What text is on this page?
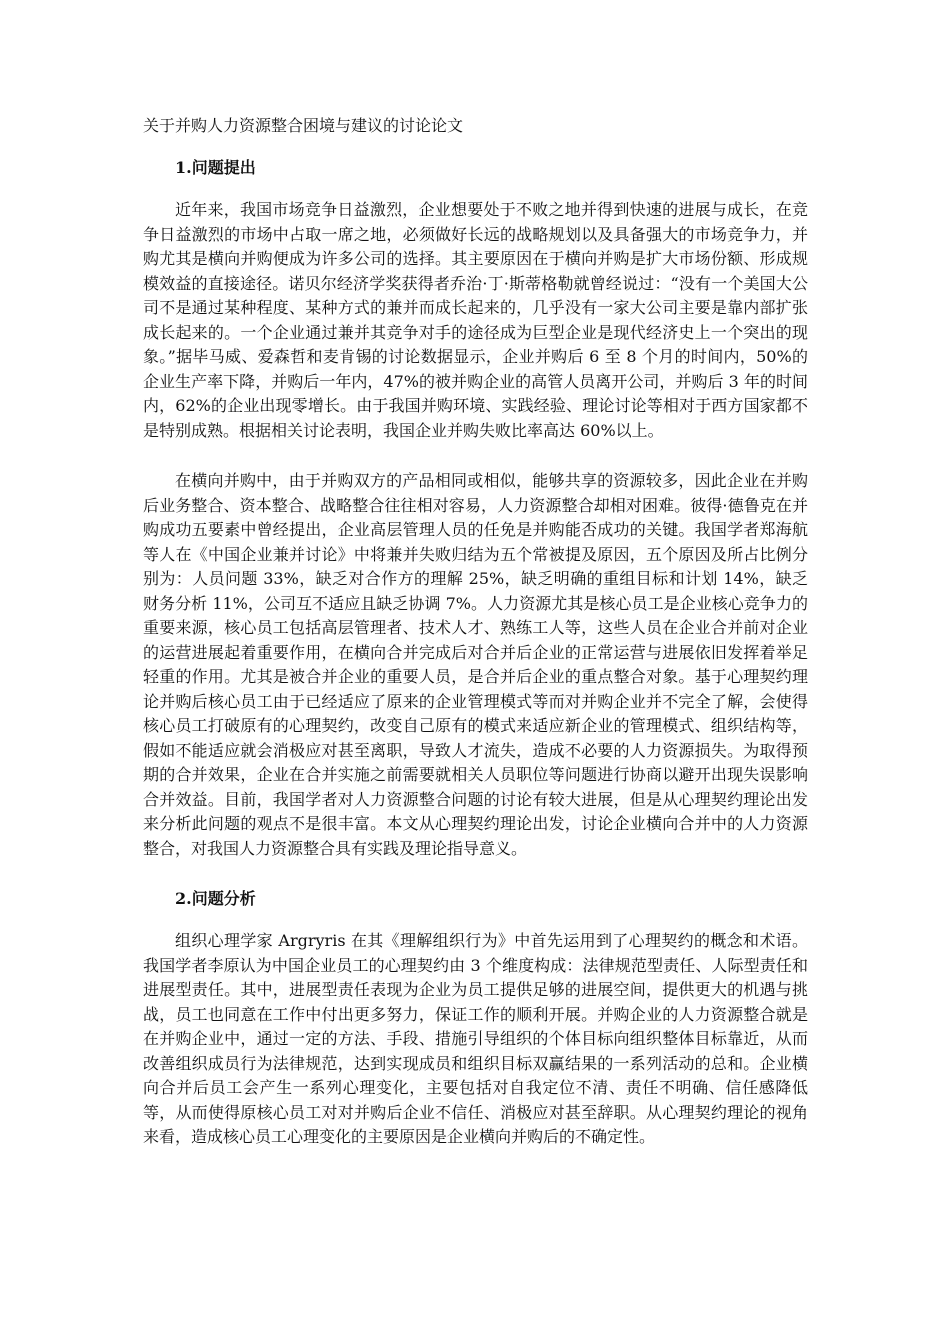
关于并购人力资源整合困境与建议的讨论论文
1.问题提出

近年来，我国市场竞争日益激烈，企业想要处于不败之地并得到快速的进展与成长，在竞争日益激烈的市场中占取一席之地，必须做好长远的战略规划以及具备强大的市场竞争力，并购尤其是横向并购便成为许多公司的选择。其主要原因在于横向并购是扩大市场份额、形成规模效益的直接途径。诺贝尔经济学奖获得者乔治·丁·斯蒂格勒就曾经说过：“没有一个美国大公司不是通过某种程度、某种方式的兼并而成长起来的，几乎没有一家大公司主要是靠内部扩张成长起来的。一个企业通过兼并其竞争对手的途径成为巨型企业是现代经济史上一个突出的现象。”据毕马威、爱森哲和麦肯锡的讨论数据显示，企业并购后 6 至 8 个月的时间内，50%的企业生产率下降，并购后一年内，47%的被并购企业的高管人员离开公司，并购后 3 年的时间内，62%的企业出现零增长。由于我国并购环境、实践经验、理论讨论等相对于西方国家都不是特别成熟。根据相关讨论表明，我国企业并购失败比率高达 60%以上。

在横向并购中，由于并购双方的产品相同或相似，能够共享的资源较多，因此企业在并购后业务整合、资本整合、战略整合往往相对容易，人力资源整合却相对困难。彼得·德鲁克在并购成功五要素中曾经提出，企业高层管理人员的任免是并购能否成功的关键。我国学者郑海航等人在《中国企业兼并讨论》中将兼并失败归结为五个常被提及原因，五个原因及所占比例分别为：人员问题 33%，缺乏对合作方的理解 25%，缺乏明确的重组目标和计划 14%，缺乏财务分析 11%，公司互不适应且缺乏协调 7%。人力资源尤其是核心员工是企业核心竞争力的重要来源，核心员工包括高层管理者、技术人才、熟练工人等，这些人员在企业合并前对企业的运营进展起着重要作用，在横向合并完成后对合并后企业的正常运营与进展依旧发挥着举足轻重的作用。尤其是被合并企业的重要人员，是合并后企业的重点整合对象。基于心理契约理论并购后核心员工由于已经适应了原来的企业管理模式等而对并购企业并不完全了解，会使得核心员工打破原有的心理契约，改变自己原有的模式来适应新企业的管理模式、组织结构等，假如不能适应就会消极应对甚至离职，导致人才流失，造成不必要的人力资源损失。为取得预期的合并效果，企业在合并实施之前需要就相关人员职位等问题进行协商以避开出现失误影响合并效益。目前，我国学者对人力资源整合问题的讨论有较大进展，但是从心理契约理论出发来分析此问题的观点不是很丰富。本文从心理契约理论出发，讨论企业横向合并中的人力资源整合，对我国人力资源整合具有实践及理论指导意义。

2.问题分析

组织心理学家 Argryris 在其《理解组织行为》中首先运用到了心理契约的概念和术语。我国学者李原认为中国企业员工的心理契约由 3 个维度构成：法律规范型责任、人际型责任和进展型责任。其中，进展型责任表现为企业为员工提供足够的进展空间，提供更大的机遇与挑战，员工也同意在工作中付出更多努力，保证工作的顺利开展。并购企业的人力资源整合就是在并购企业中，通过一定的方法、手段、措施引导组织的个体目标向组织整体目标靠近，从而改善组织成员行为法律规范，达到实现成员和组织目标双赢结果的一系列活动的总和。企业横向合并后员工会产生一系列心理变化，主要包括对自我定位不清、责任不明确、信任感降低等，从而使得原核心员工对对并购后企业不信任、消极应对甚至辞职。从心理契约理论的视角来看，造成核心员工心理变化的主要原因是企业横向并购后的不确定性。
